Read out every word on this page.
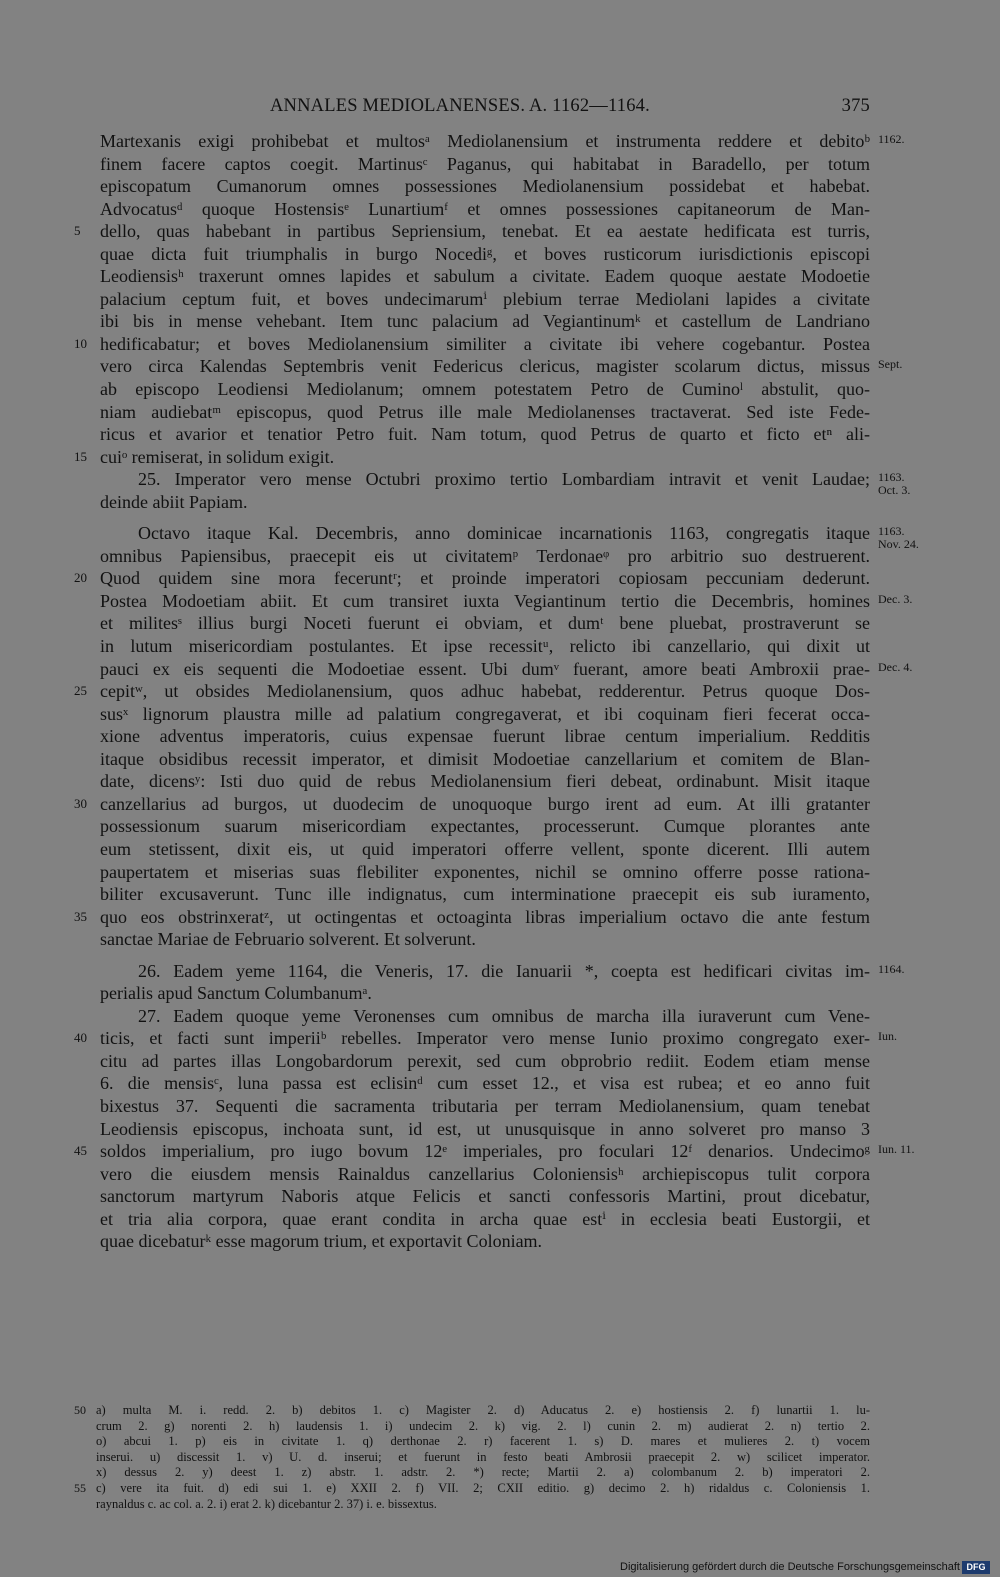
ANNALES MEDIOLANENSES. A. 1162—1164.	375
Martexanis exigi prohibebat et multosᵃ Mediolanensium et instrumenta reddere et debitoᵇ 1162.
finem facere captos coegit. Martinusᶜ Paganus, qui habitabat in Baradello, per totum
episcopatum Cumanorum omnes possessiones Mediolanensium possidebat et habebat.
Advocatusᵈ quoque Hostensisᵉ Lunartiumᶠ et omnes possessiones capitaneorum de Man-
5	dello, quas habebant in partibus Sepriensium, tenebat. Et ea aestate hedificata est turris,
quae dicta fuit triumphalis in burgo Nocediᵍ, et boves rusticorum iurisdictionis episcopi
Leodiensisʰ traxerunt omnes lapides et sabulum a civitate. Eadem quoque aestate Modoetie
palacium ceptum fuit, et boves undecimarumⁱ plebium terrae Mediolani lapides a civitate
ibi bis in mense vehebant. Item tunc palacium ad Vegiantinumᵏ et castellum de Landriano
10 hedificabatur; et boves Mediolanensium similiter a civitate ibi vehere cogebantur. Postea
vero circa Kalendas Septembris venit Federicus clericus, magister scolarum dictus, missus Sept.
ab episcopo Leodiensi Mediolanum; omnem potestatem Petro de Cuminoˡ abstulit, quo-
niam audiebatᵐ episcopus, quod Petrus ille male Mediolanenses tractaverat. Sed iste Fede-
ricus et avarior et tenatior Petro fuit. Nam totum, quod Petrus de quarto et ficto etⁿ ali-
15 cuiᵒ remiserat, in solidum exigit.
25. Imperator vero mense Octubri proximo tertio Lombardiam intravit et venit Laudae; 1163.
Oct. 3.
deinde abiit Papiam.
Octavo itaque Kal. Decembris, anno dominicae incarnationis 1163, congregatis itaque 1163.
Nov. 24.
omnibus Papiensibus, praecepit eis ut civitatemᵖ Terdonaeᵠ pro arbitrio suo destruerent.
20 Quod quidem sine mora feceruntʳ; et proinde imperatori copiosam peccuniam dederunt.
Postea Modoetiam abiit. Et cum transiret iuxta Vegiantinum tertio die Decembris, homines Dec. 3.
et militesˢ illius burgi Noceti fuerunt ei obviam, et dumᵗ bene pluebat, prostraverunt se
in lutum misericordiam postulantes. Et ipse recessitᵘ, relicto ibi canzellario, qui dixit ut
pauci ex eis sequenti die Modoetiae essent. Ubi dumᵛ fuerant, amore beati Ambroxii prae- Dec. 4.
25 cepitʷ, ut obsides Mediolanensium, quos adhuc habebat, redderentur. Petrus quoque Dos-
susˣ lignorum plaustra mille ad palatium congregaverat, et ibi coquinam fieri fecerat occa-
xione adventus imperatoris, cuius expensae fuerunt librae centum imperialium. Redditis
itaque obsidibus recessit imperator, et dimisit Modoetiae canzellarium et comitem de Blan-
date, dicensʸ: Isti duo quid de rebus Mediolanensium fieri debeat, ordinabunt. Misit itaque
30 canzellarius ad burgos, ut duodecim de unoquoque burgo irent ad eum. At illi gratanter
possessionum suarum misericordiam expectantes, processerunt. Cumque plorantes ante
eum stetissent, dixit eis, ut quid imperatori offerre vellent, sponte dicerent. Illi autem
paupertatem et miserias suas flebiliter exponentes, nichil se omnino offerre posse rationa-
biliter excusaverunt. Tunc ille indignatus, cum interminatione praecepit eis sub iuramento,
35 quo eos obstrinxeratᶻ, ut octingentas et octoaginta libras imperialium octavo die ante festum
sanctae Mariae de Februario solverent. Et solverunt.
26. Eadem yeme 1164, die Veneris, 17. die Ianuarii *, coepta est hedificari civitas im- 1164.
perialis apud Sanctum Columbanumᵃ.
27. Eadem quoque yeme Veronenses cum omnibus de marcha illa iuraverunt cum Vene-
40 ticis, et facti sunt imperiiᵇ rebelles. Imperator vero mense Iunio proximo congregato exer- Iun.
citu ad partes illas Longobardorum perexit, sed cum obprobrio rediit. Eodem etiam mense
6. die mensisᶜ, luna passa est eclisinᵈ cum esset 12., et visa est rubea; et eo anno fuit
bixestus 37. Sequenti die sacramenta tributaria per terram Mediolanensium, quam tenebat
Leodiensis episcopus, inchoata sunt, id est, ut unusquisque in anno solveret pro manso 3
45 soldos imperialium, pro iugo bovum 12ᵉ imperiales, pro foculari 12ᶠ denarios. Undecimoᵍ Iun. 11.
vero die eiusdem mensis Rainaldus canzellarius Coloniensisʰ archiepiscopus tulit corpora
sanctorum martyrum Naboris atque Felicis et sancti confessoris Martini, prout dicebatur,
et tria alia corpora, quae erant condita in archa quae estⁱ in ecclesia beati Eustorgii, et
quae dicebaturᵏ esse magorum trium, et exportavit Coloniam.
50 a) multa M. i. redd. 2. b) debitos 1. c) Magister 2. d) Aducatus 2. e) hostiensis 2. f) lunartii 1. lu-
crum 2. g) norenti 2. h) laudensis 1. i) undecim 2. k) vig. 2. l) cunin 2. m) audierat 2. n) tertio 2.
o) abcui 1. p) eis in civitate 1. q) derthonae 2. r) facerent 1. s) D. mares et mulieres 2. t) vocem
inserui. u) discessit 1. v) U. d. inserui; et fuerunt in festo beati Ambrosii praecepit 2. w) scilicet imperator.
x) dessus 2. y) deest 1. z) abstr. 1. adstr. 2. *) recte; Martii 2. a) colombanum 2. b) imperatori 2.
55 c) vere ita fuit. d) edi sui 1. e) XXII 2. f) VII. 2; CXII editio. g) decimo 2. h) ridaldus c. Coloniensis 1.
raynaldus c. ac col. a. 2. i) erat 2. k) dicebantur 2. 37) i. e. bissextus.
Digitalisierung gefördert durch die Deutsche Forschungsgemeinschaft DFG
